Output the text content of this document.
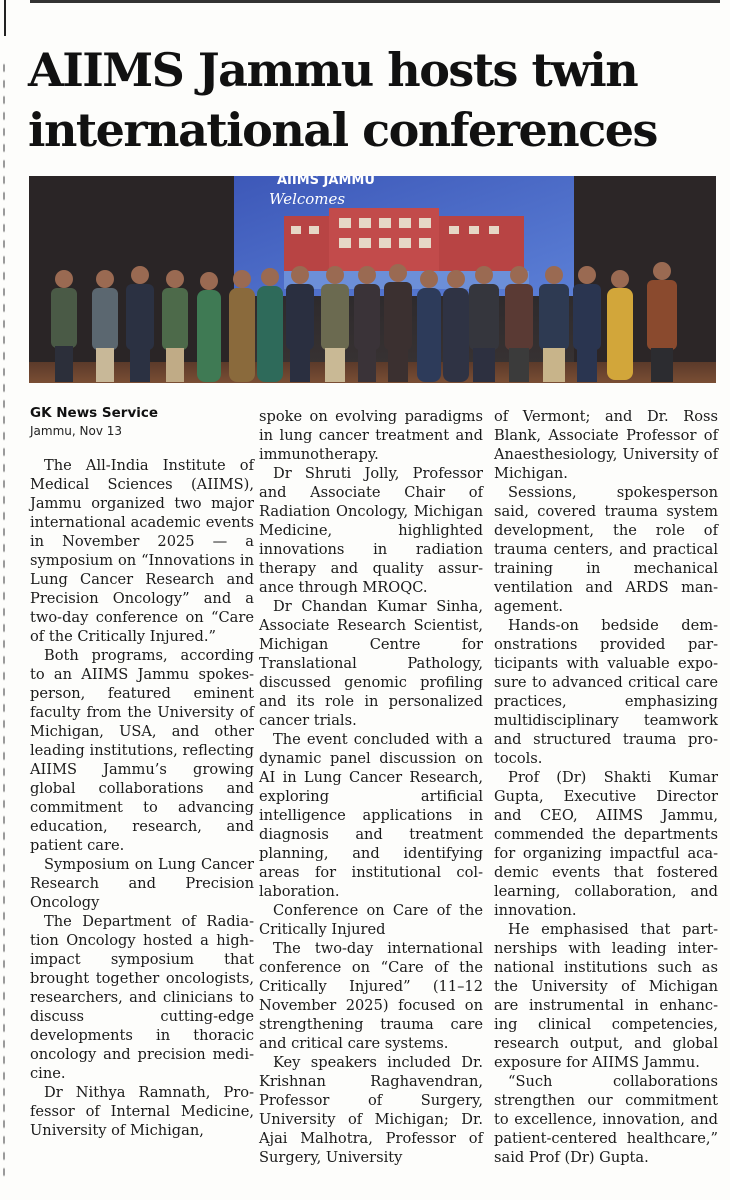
AIIMS Jammu hosts twin international conferences
AIIMS JAMMU
Welcomes

GK News Service

Jammu, Nov 13

The All-India Institute of Medical Sciences (AIIMS), Jammu organized two major international academic events in November 2025 — a symposium on “Innovations in Lung Cancer Research and Precision Oncology” and a two-day conference on “Care of the Critically Injured.”

Both programs, according to an AIIMS Jammu spokesperson, featured eminent faculty from the University of Michigan, USA, and other leading institutions, reflecting AIIMS Jammu’s growing global collaborations and commitment to advancing education, research, and patient care.

Symposium on Lung Cancer Research and Precision Oncology

The Department of Radiation Oncology hosted a high-impact symposium that brought together oncologists, researchers, and clinicians to discuss cutting-edge developments in thoracic oncology and precision medicine.

Dr Nithya Ramnath, Professor of Internal Medicine, University of Michigan,

spoke on evolving paradigms in lung cancer treatment and immunotherapy.

Dr Shruti Jolly, Professor and Associate Chair of Radiation Oncology, Michigan Medicine, highlighted innovations in radiation therapy and quality assurance through MROQC.

Dr Chandan Kumar Sinha, Associate Research Scientist, Michigan Centre for Translational Pathology, discussed genomic profiling and its role in personalized cancer trials.

The event concluded with a dynamic panel discussion on AI in Lung Cancer Research, exploring artificial intelligence applications in diagnosis and treatment planning, and identifying areas for institutional collaboration.

Conference on Care of the Critically Injured

The two-day international conference on “Care of the Critically Injured” (11–12 November 2025) focused on strengthening trauma care and critical care systems.

Key speakers included Dr. Krishnan Raghavendran, Professor of Surgery, University of Michigan; Dr. Ajai Malhotra, Professor of Surgery, University

of Vermont; and Dr. Ross Blank, Associate Professor of Anaesthesiology, University of Michigan.

Sessions, spokesperson said, covered trauma system development, the role of trauma centers, and practical training in mechanical ventilation and ARDS management.

Hands-on bedside demonstrations provided participants with valuable exposure to advanced critical care practices, emphasizing multidisciplinary teamwork and structured trauma protocols.

Prof (Dr) Shakti Kumar Gupta, Executive Director and CEO, AIIMS Jammu, commended the departments for organizing impactful academic events that fostered learning, collaboration, and innovation.

He emphasised that partnerships with leading international institutions such as the University of Michigan are instrumental in enhancing clinical competencies, research output, and global exposure for AIIMS Jammu.

“Such collaborations strengthen our commitment to excellence, innovation, and patient-centered healthcare,” said Prof (Dr) Gupta.
